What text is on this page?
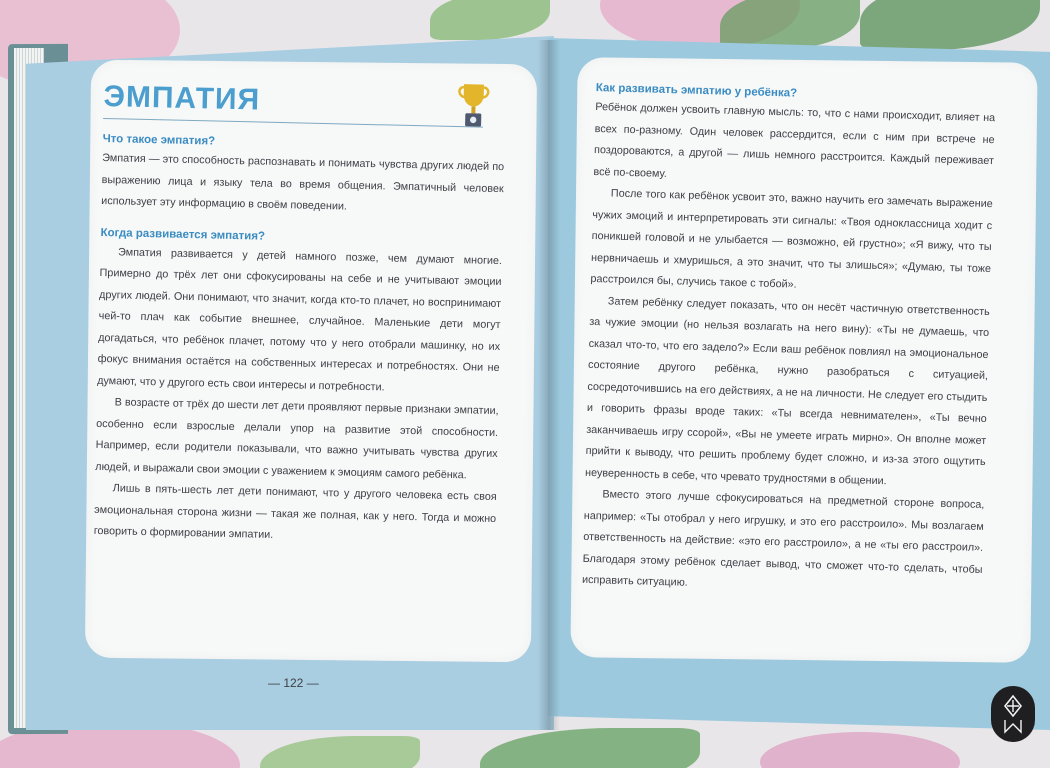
ЭМПАТИЯ
Что такое эмпатия?

Эмпатия — это способность распознавать и понимать чувства других людей по выражению лица и языку тела во время общения. Эмпатичный человек использует эту информацию в своём поведении.

Когда развивается эмпатия?

Эмпатия развивается у детей намного позже, чем думают многие. Примерно до трёх лет они сфокусированы на себе и не учитывают эмоции других людей. Они понимают, что значит, когда кто-то плачет, но воспринимают чей-то плач как событие внешнее, случайное. Маленькие дети могут догадаться, что ребёнок плачет, потому что у него отобрали машинку, но их фокус внимания остаётся на собственных интересах и потребностях. Они не думают, что у другого есть свои интересы и потребности.

В возрасте от трёх до шести лет дети проявляют первые признаки эмпатии, особенно если взрослые делали упор на развитие этой способности. Например, если родители показывали, что важно учитывать чувства других людей, и выражали свои эмоции с уважением к эмоциям самого ребёнка.

Лишь в пять-шесть лет дети понимают, что у другого человека есть своя эмоциональная сторона жизни — такая же полная, как у него. Тогда и можно говорить о формировании эмпатии.

Как развивать эмпатию у ребёнка?

Ребёнок должен усвоить главную мысль: то, что с нами происходит, влияет на всех по-разному. Один человек рассердится, если с ним при встрече не поздороваются, а другой — лишь немного расстроится. Каждый переживает всё по-своему.

После того как ребёнок усвоит это, важно научить его замечать выражение чужих эмоций и интерпретировать эти сигналы: «Твоя одноклассница ходит с поникшей головой и не улыбается — возможно, ей грустно»; «Я вижу, что ты нервничаешь и хмуришься, а это значит, что ты злишься»; «Думаю, ты тоже расстроился бы, случись такое с тобой».

Затем ребёнку следует показать, что он несёт частичную ответственность за чужие эмоции (но нельзя возлагать на него вину): «Ты не думаешь, что сказал что-то, что его задело?» Если ваш ребёнок повлиял на эмоциональное состояние другого ребёнка, нужно разобраться с ситуацией, сосредоточившись на его действиях, а не на личности. Не следует его стыдить и говорить фразы вроде таких: «Ты всегда невнимателен», «Ты вечно заканчиваешь игру ссорой», «Вы не умеете играть мирно». Он вполне может прийти к выводу, что решить проблему будет сложно, и из-за этого ощутить неуверенность в себе, что чревато трудностями в общении.

Вместо этого лучше сфокусироваться на предметной стороне вопроса, например: «Ты отобрал у него игрушку, и это его расстроило». Мы возлагаем ответственность на действие: «это его расстроило», а не «ты его расстроил». Благодаря этому ребёнок сделает вывод, что сможет что-то сделать, чтобы исправить ситуацию.

— 122 —
